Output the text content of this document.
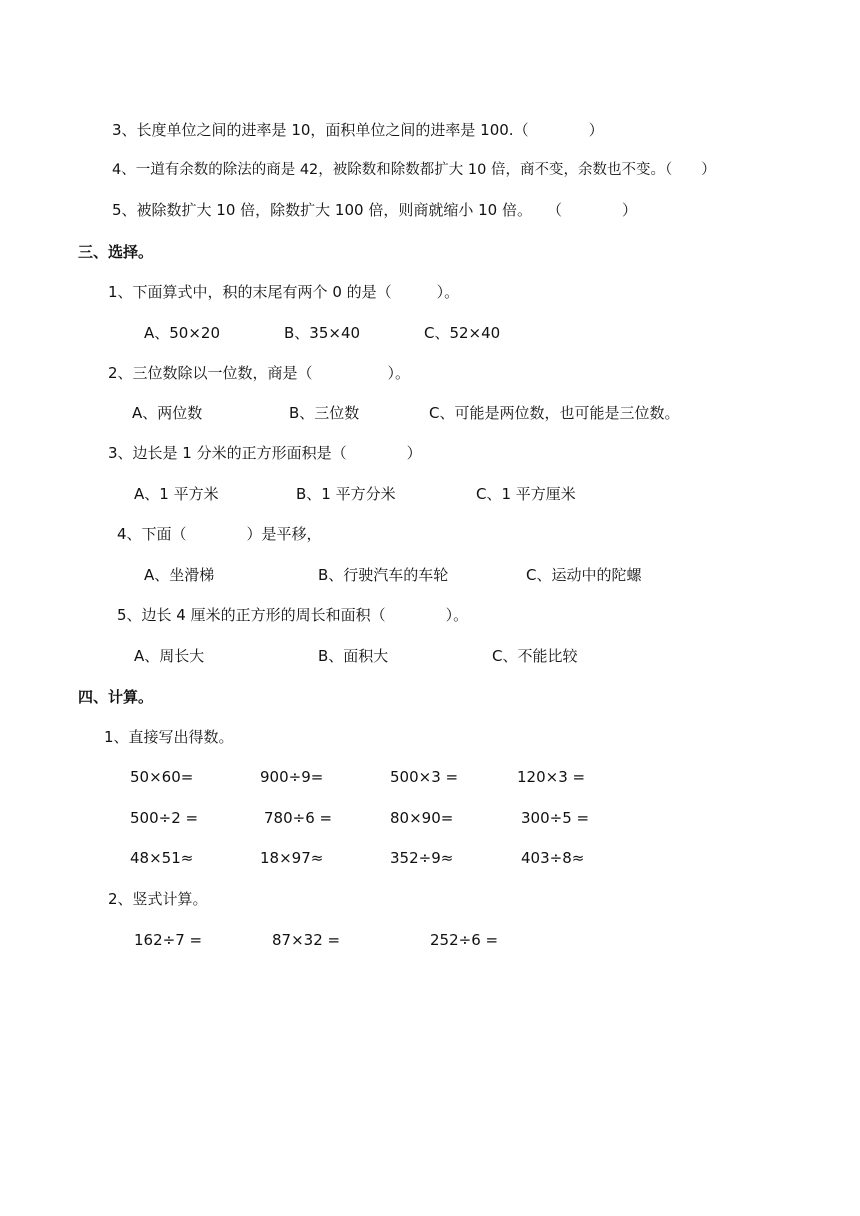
3、长度单位之间的进率是 10，面积单位之间的进率是 100.（　　　　）
4、一道有余数的除法的商是 42，被除数和除数都扩大 10 倍，商不变，余数也不变。（　　）
5、被除数扩大 10 倍，除数扩大 100 倍，则商就缩小 10 倍。　　（　　　　）
三、选择。
1、下面算式中，积的末尾有两个 0 的是（　　　）。
A、50×20	B、35×40	C、52×40
2、三位数除以一位数，商是（　　　　　）。
A、两位数	B、三位数	C、可能是两位数，也可能是三位数。
3、边长是 1 分米的正方形面积是（　　　　）
A、1 平方米	B、1 平方分米	C、1 平方厘米
4、下面（　　　　）是平移，
A、坐滑梯	B、行驶汽车的车轮	C、运动中的陀螺
5、边长 4 厘米的正方形的周长和面积（　　　　）。
A、周长大	B、面积大	C、不能比较
四、计算。
1、直接写出得数。
50×60=	900÷9=	500×3 =	120×3 =
500÷2 =	780÷6 =	80×90=	300÷5 =
48×51≈	18×97≈	352÷9≈	403÷8≈
2、竖式计算。
162÷7 =	87×32 =	252÷6 =
